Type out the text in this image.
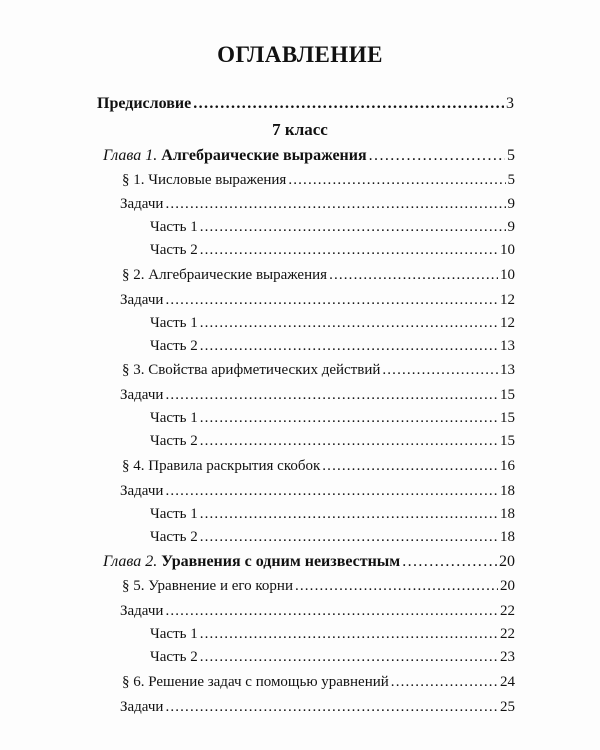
ОГЛАВЛЕНИЕ
Предисловие . . .	3
7 класс
Глава 1. Алгебраические выражения . . .	5
§ 1. Числовые выражения . . .	5
Задачи . . .	9
Часть 1 . . .	9
Часть 2 . . .	10
§ 2. Алгебраические выражения . . .	10
Задачи . . .	12
Часть 1 . . .	12
Часть 2 . . .	13
§ 3. Свойства арифметических действий . . .	13
Задачи . . .	15
Часть 1 . . .	15
Часть 2 . . .	15
§ 4. Правила раскрытия скобок . . .	16
Задачи . . .	18
Часть 1 . . .	18
Часть 2 . . .	18
Глава 2. Уравнения с одним неизвестным . . .	20
§ 5. Уравнение и его корни . . .	20
Задачи . . .	22
Часть 1 . . .	22
Часть 2 . . .	23
§ 6. Решение задач с помощью уравнений . . .	24
Задачи . . .	25
